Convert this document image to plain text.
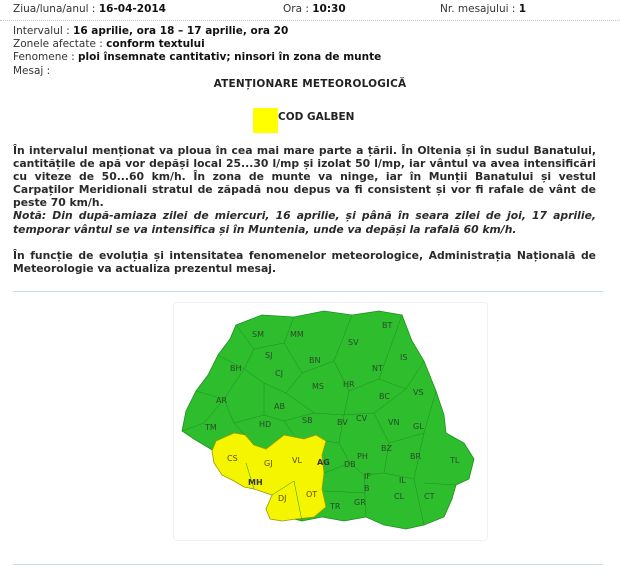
Ziua/luna/anul : 16-04-2014	Ora : 10:30	Nr. mesajului : 1
Intervalul : 16 aprilie, ora 18 – 17 aprilie, ora 20
Zonele afectate : conform textului
Fenomene : ploi însemnate cantitativ; ninsori în zona de munte
Mesaj :
ATENȚIONARE METEOROLOGICĂ
COD GALBEN

În intervalul menționat va ploua în cea mai mare parte a țării. În Oltenia și în sudul Banatului, cantitățile de apă vor depăși local 25...30 l/mp și izolat 50 l/mp, iar vântul va avea intensificări cu viteze de 50...60 km/h. În zona de munte va ninge, iar în Munții Banatului și vestul Carpaților Meridionali stratul de zăpadă nou depus va fi consistent și vor fi rafale de vânt de peste 70 km/h.

Notă: Din după-amiaza zilei de miercuri, 16 aprilie, și până în seara zilei de joi, 17 aprilie, temporar vântul se va intensifica și în Muntenia, unde va depăși la rafală 60 km/h.

În funcție de evoluția și intensitatea fenomenelor meteorologice, Administrația Națională de Meteorologie va actualiza prezentul mesaj.

SM	MM
BT
SJ
SV
BH
CJ
BN	IS
NT
MS HR
BC	VS
AR
AB
BV CV	VN GL
TM	HD	SB
CS
GJ VL AG DB
PH
BZ
BR	TL
IF
B
IL
MH
DJ OT
TR GR
CL CT
